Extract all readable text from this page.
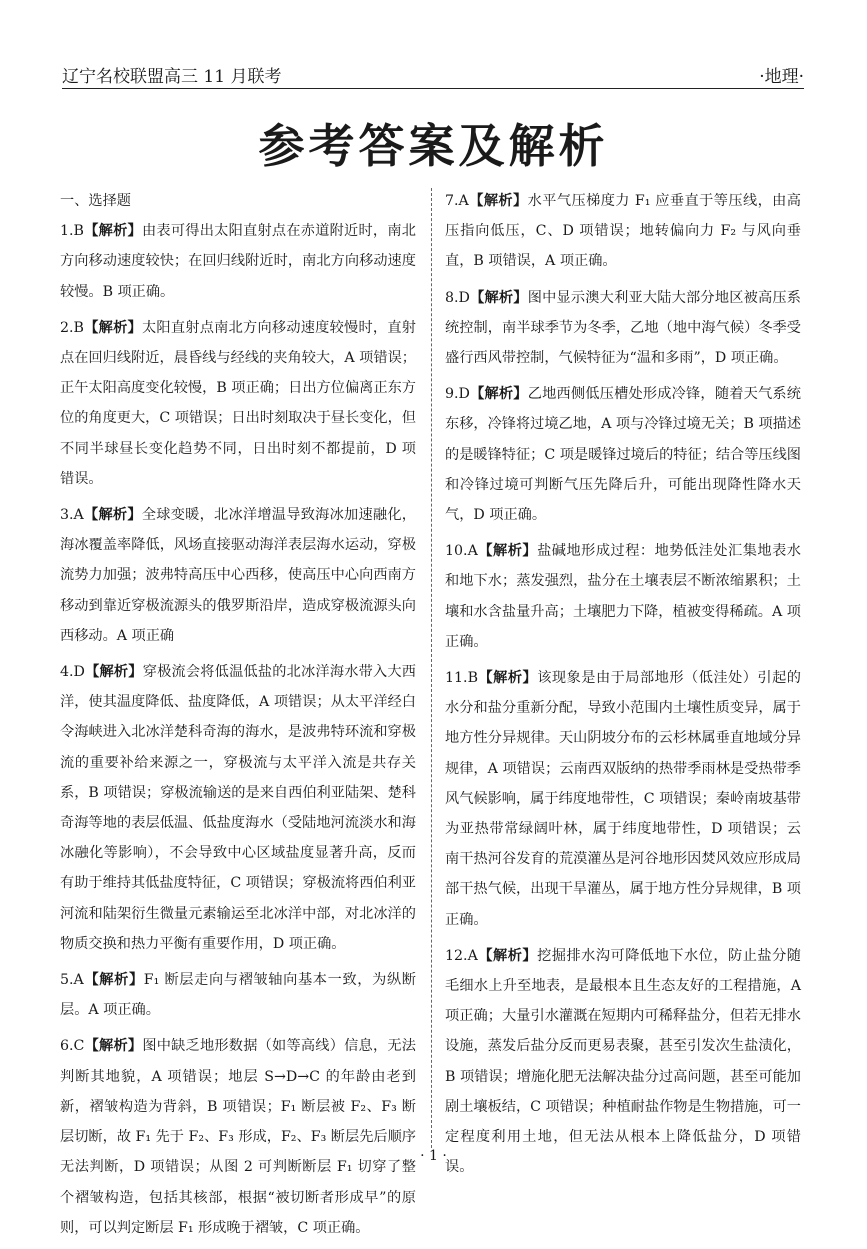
辽宁名校联盟高三 11 月联考	·地理·
参考答案及解析
一、选择题
1.B【解析】由表可得出太阳直射点在赤道附近时，南北方向移动速度较快；在回归线附近时，南北方向移动速度较慢。B 项正确。
2.B【解析】太阳直射点南北方向移动速度较慢时，直射点在回归线附近，晨昏线与经线的夹角较大，A 项错误；正午太阳高度变化较慢，B 项正确；日出方位偏离正东方位的角度更大，C 项错误；日出时刻取决于昼长变化，但不同半球昼长变化趋势不同，日出时刻不都提前，D 项错误。
3.A【解析】全球变暖，北冰洋增温导致海冰加速融化，海冰覆盖率降低，风场直接驱动海洋表层海水运动，穿极流势力加强；波弗特高压中心西移，使高压中心向西南方移动到靠近穿极流源头的俄罗斯沿岸，造成穿极流源头向西移动。A 项正确
4.D【解析】穿极流会将低温低盐的北冰洋海水带入大西洋，使其温度降低、盐度降低，A 项错误；从太平洋经白令海峡进入北冰洋楚科奇海的海水，是波弗特环流和穿极流的重要补给来源之一，穿极流与太平洋入流是共存关系，B 项错误；穿极流输送的是来自西伯利亚陆架、楚科奇海等地的表层低温、低盐度海水（受陆地河流淡水和海冰融化等影响），不会导致中心区域盐度显著升高，反而有助于维持其低盐度特征，C 项错误；穿极流将西伯利亚河流和陆架衍生微量元素输运至北冰洋中部，对北冰洋的物质交换和热力平衡有重要作用，D 项正确。
5.A【解析】F₁ 断层走向与褶皱轴向基本一致，为纵断层。A 项正确。
6.C【解析】图中缺乏地形数据（如等高线）信息，无法判断其地貌，A 项错误；地层 S→D→C 的年龄由老到新，褶皱构造为背斜，B 项错误；F₁ 断层被 F₂、F₃ 断层切断，故 F₁ 先于 F₂、F₃ 形成，F₂、F₃ 断层先后顺序无法判断，D 项错误；从图 2 可判断断层 F₁ 切穿了整个褶皱构造，包括其核部，根据“被切断者形成早”的原则，可以判定断层 F₁ 形成晚于褶皱，C 项正确。
7.A【解析】水平气压梯度力 F₁ 应垂直于等压线，由高压指向低压，C、D 项错误；地转偏向力 F₂ 与风向垂直，B 项错误，A 项正确。
8.D【解析】图中显示澳大利亚大陆大部分地区被高压系统控制，南半球季节为冬季，乙地（地中海气候）冬季受盛行西风带控制，气候特征为“温和多雨”，D 项正确。
9.D【解析】乙地西侧低压槽处形成冷锋，随着天气系统东移，冷锋将过境乙地，A 项与冷锋过境无关；B 项描述的是暖锋特征；C 项是暖锋过境后的特征；结合等压线图和冷锋过境可判断气压先降后升，可能出现降性降水天气，D 项正确。
10.A【解析】盐碱地形成过程：地势低洼处汇集地表水和地下水；蒸发强烈，盐分在土壤表层不断浓缩累积；土壤和水含盐量升高；土壤肥力下降，植被变得稀疏。A 项正确。
11.B【解析】该现象是由于局部地形（低洼处）引起的水分和盐分重新分配，导致小范围内土壤性质变异，属于地方性分异规律。天山阴坡分布的云杉林属垂直地域分异规律，A 项错误；云南西双版纳的热带季雨林是受热带季风气候影响，属于纬度地带性，C 项错误；秦岭南坡基带为亚热带常绿阔叶林，属于纬度地带性，D 项错误；云南干热河谷发育的荒漠灌丛是河谷地形因焚风效应形成局部干热气候，出现干旱灌丛，属于地方性分异规律，B 项正确。
12.A【解析】挖掘排水沟可降低地下水位，防止盐分随毛细水上升至地表，是最根本且生态友好的工程措施，A 项正确；大量引水灌溉在短期内可稀释盐分，但若无排水设施，蒸发后盐分反而更易表聚，甚至引发次生盐渍化，B 项错误；增施化肥无法解决盐分过高问题，甚至可能加剧土壤板结，C 项错误；种植耐盐作物是生物措施，可一定程度利用土地，但无法从根本上降低盐分，D 项错误。
· 1 ·
